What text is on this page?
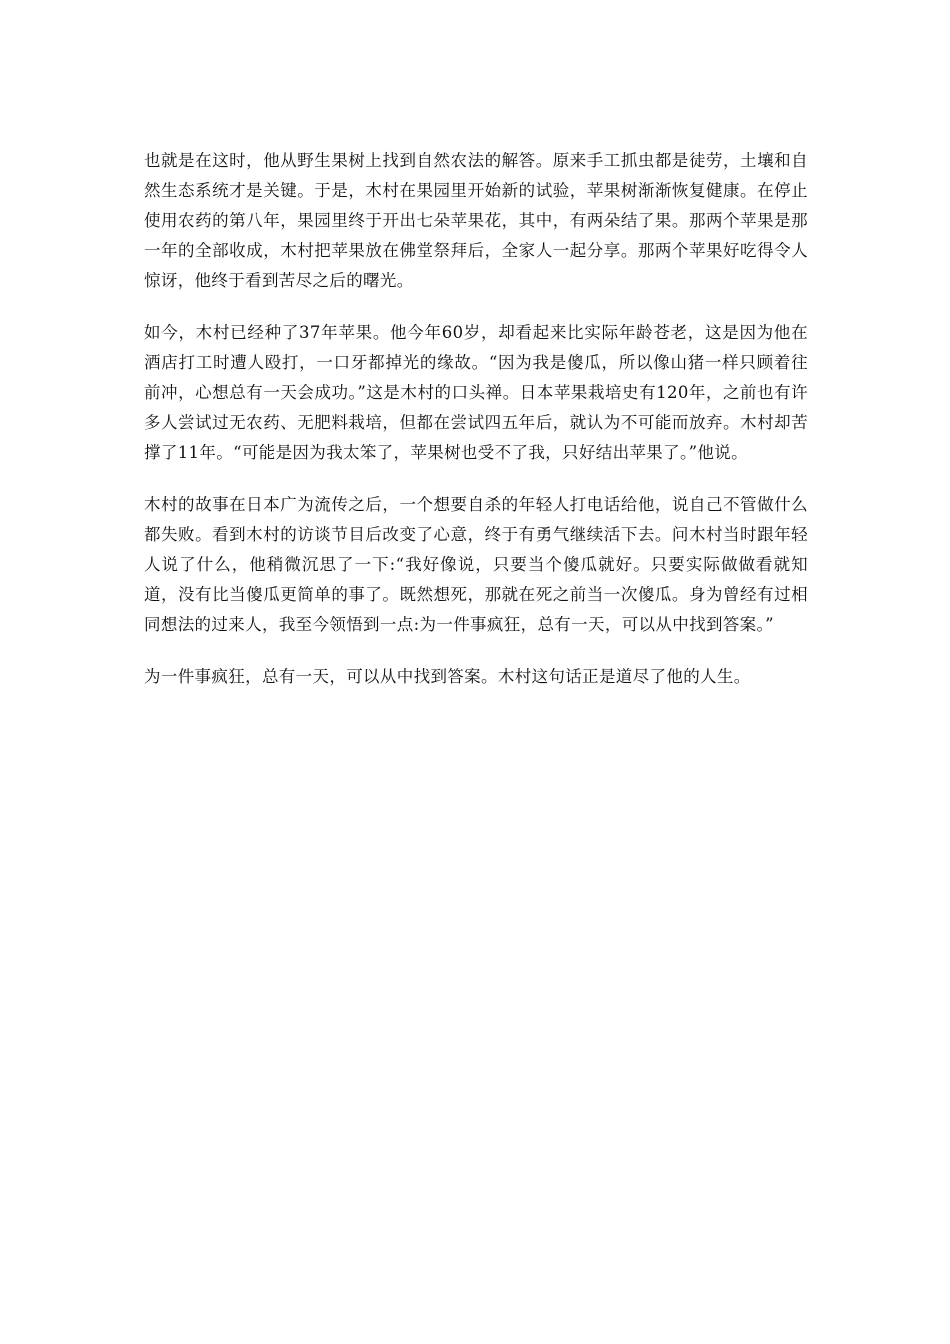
也就是在这时，他从野生果树上找到自然农法的解答。原来手工抓虫都是徒劳，土壤和自然生态系统才是关键。于是，木村在果园里开始新的试验，苹果树渐渐恢复健康。在停止使用农药的第八年，果园里终于开出七朵苹果花，其中，有两朵结了果。那两个苹果是那一年的全部收成，木村把苹果放在佛堂祭拜后，全家人一起分享。那两个苹果好吃得令人惊讶，他终于看到苦尽之后的曙光。

如今，木村已经种了37年苹果。他今年60岁，却看起来比实际年龄苍老，这是因为他在酒店打工时遭人殴打，一口牙都掉光的缘故。“因为我是傻瓜，所以像山猪一样只顾着往前冲，心想总有一天会成功。”这是木村的口头禅。日本苹果栽培史有120年，之前也有许多人尝试过无农药、无肥料栽培，但都在尝试四五年后，就认为不可能而放弃。木村却苦撑了11年。“可能是因为我太笨了，苹果树也受不了我，只好结出苹果了。”他说。

木村的故事在日本广为流传之后，一个想要自杀的年轻人打电话给他，说自己不管做什么都失败。看到木村的访谈节目后改变了心意，终于有勇气继续活下去。问木村当时跟年轻人说了什么，他稍微沉思了一下:“我好像说，只要当个傻瓜就好。只要实际做做看就知道，没有比当傻瓜更简单的事了。既然想死，那就在死之前当一次傻瓜。身为曾经有过相同想法的过来人，我至今领悟到一点:为一件事疯狂，总有一天，可以从中找到答案。”

为一件事疯狂，总有一天，可以从中找到答案。木村这句话正是道尽了他的人生。
